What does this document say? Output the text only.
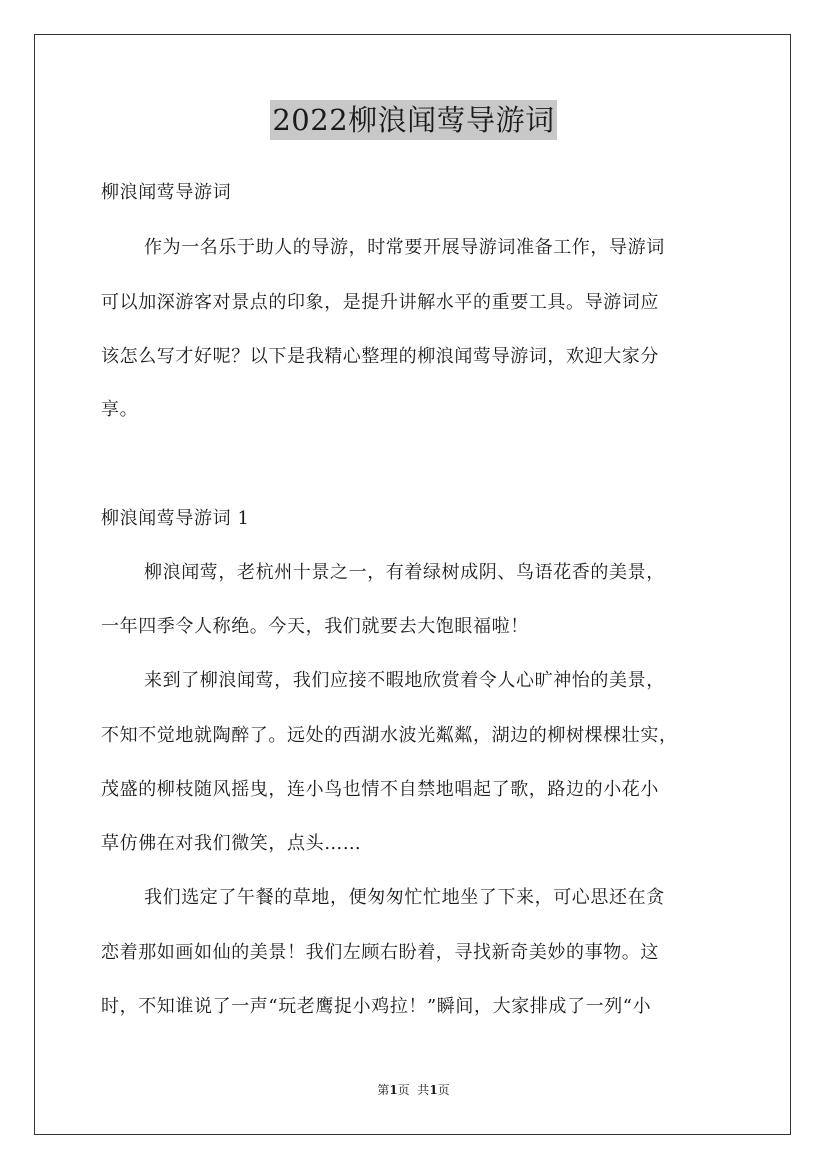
2022柳浪闻莺导游词
柳浪闻莺导游词
作为一名乐于助人的导游，时常要开展导游词准备工作，导游词
可以加深游客对景点的印象，是提升讲解水平的重要工具。导游词应
该怎么写才好呢？以下是我精心整理的柳浪闻莺导游词，欢迎大家分
享。
柳浪闻莺导游词 1
柳浪闻莺，老杭州十景之一，有着绿树成阴、鸟语花香的美景，
一年四季令人称绝。今天，我们就要去大饱眼福啦！
来到了柳浪闻莺，我们应接不暇地欣赏着令人心旷神怡的美景，
不知不觉地就陶醉了。远处的西湖水波光粼粼，湖边的柳树棵棵壮实，
茂盛的柳枝随风摇曳，连小鸟也情不自禁地唱起了歌，路边的小花小
草仿佛在对我们微笑，点头……
我们选定了午餐的草地，便匆匆忙忙地坐了下来，可心思还在贪
恋着那如画如仙的美景！我们左顾右盼着，寻找新奇美妙的事物。这
时，不知谁说了一声“玩老鹰捉小鸡拉！”瞬间，大家排成了一列“小
第1页  共1页
